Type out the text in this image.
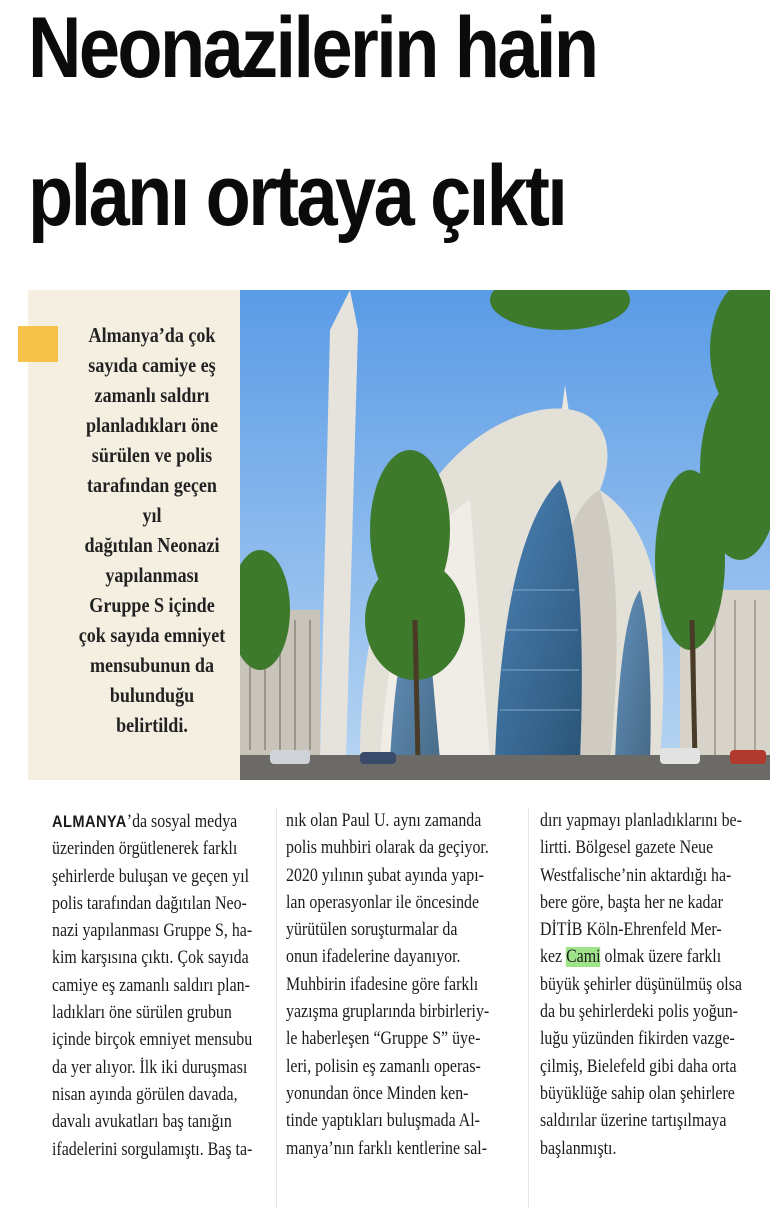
Neonazilerin hain
planı ortaya çıktı
Almanya’da çok
sayıda camiye eş
zamanlı saldırı
planladıkları öne
sürülen ve polis
tarafından geçen yıl
dağıtılan Neonazi
yapılanması
Gruppe S içinde
çok sayıda emniyet
mensubunun da
bulunduğu
belirtildi.
ALMANYA’da sosyal medya
üzerinden örgütlenerek farklı
şehirlerde buluşan ve geçen yıl
polis tarafından dağıtılan Neo-
nazi yapılanması Gruppe S, ha-
kim karşısına çıktı. Çok sayıda
camiye eş zamanlı saldırı plan-
ladıkları öne sürülen grubun
içinde birçok emniyet mensubu
da yer alıyor. İlk iki duruşması
nisan ayında görülen davada,
davalı avukatları baş tanığın
ifadelerini sorgulamıştı. Baş ta-
nık olan Paul U. aynı zamanda
polis muhbiri olarak da geçiyor.
2020 yılının şubat ayında yapı-
lan operasyonlar ile öncesinde
yürütülen soruşturmalar da
onun ifadelerine dayanıyor.
Muhbirin ifadesine göre farklı
yazışma gruplarında birbirleriy-
le haberleşen “Gruppe S” üye-
leri, polisin eş zamanlı operas-
yonundan önce Minden ken-
tinde yaptıkları buluşmada Al-
manya’nın farklı kentlerine sal-
dırı yapmayı planladıklarını be-
lirtti. Bölgesel gazete Neue
Westfalische’nin aktardığı ha-
bere göre, başta her ne kadar
DİTİB Köln-Ehrenfeld Mer-
kez Cami olmak üzere farklı
büyük şehirler düşünülmüş olsa
da bu şehirlerdeki polis yoğun-
luğu yüzünden fikirden vazge-
çilmiş, Bielefeld gibi daha orta
büyüklüğe sahip olan şehirlere
saldırılar üzerine tartışılmaya
başlanmıştı.
